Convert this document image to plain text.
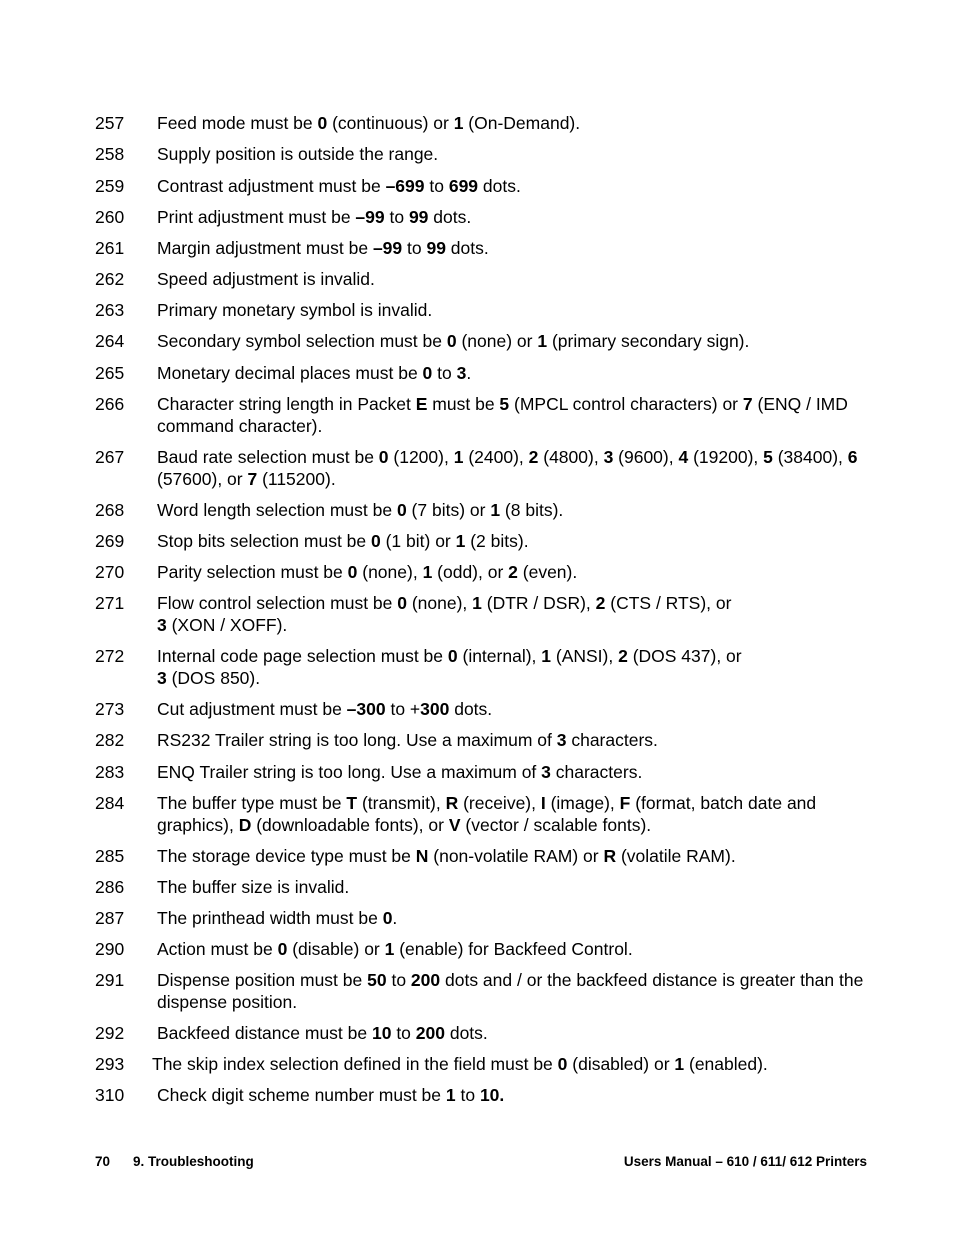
257 Feed mode must be 0 (continuous) or 1 (On-Demand).
258 Supply position is outside the range.
259 Contrast adjustment must be –699 to 699 dots.
260 Print adjustment must be –99 to 99 dots.
261 Margin adjustment must be –99 to 99 dots.
262 Speed adjustment is invalid.
263 Primary monetary symbol is invalid.
264 Secondary symbol selection must be 0 (none) or 1 (primary secondary sign).
265 Monetary decimal places must be 0 to 3.
266 Character string length in Packet E must be 5 (MPCL control characters) or 7 (ENQ / IMD command character).
267 Baud rate selection must be 0 (1200), 1 (2400), 2 (4800), 3 (9600), 4 (19200), 5 (38400), 6 (57600), or 7 (115200).
268 Word length selection must be 0 (7 bits) or 1 (8 bits).
269 Stop bits selection must be 0 (1 bit) or 1 (2 bits).
270 Parity selection must be 0 (none), 1 (odd), or 2 (even).
271 Flow control selection must be 0 (none), 1 (DTR / DSR), 2 (CTS / RTS), or
3 (XON / XOFF).
272 Internal code page selection must be 0 (internal), 1 (ANSI), 2 (DOS 437), or
3 (DOS 850).
273 Cut adjustment must be –300 to +300 dots.
282 RS232 Trailer string is too long. Use a maximum of 3 characters.
283 ENQ Trailer string is too long. Use a maximum of 3 characters.
284 The buffer type must be T (transmit), R (receive), I (image), F (format, batch date and graphics), D (downloadable fonts), or V (vector / scalable fonts).
285 The storage device type must be N (non-volatile RAM) or R (volatile RAM).
286 The buffer size is invalid.
287 The printhead width must be 0.
290 Action must be 0 (disable) or 1 (enable) for Backfeed Control.
291 Dispense position must be 50 to 200 dots and / or the backfeed distance is greater than the dispense position.
292 Backfeed distance must be 10 to 200 dots.
293 The skip index selection defined in the field must be 0 (disabled) or 1 (enabled).
310 Check digit scheme number must be 1 to 10.
70 9. Troubleshooting	Users Manual – 610 / 611/ 612 Printers
